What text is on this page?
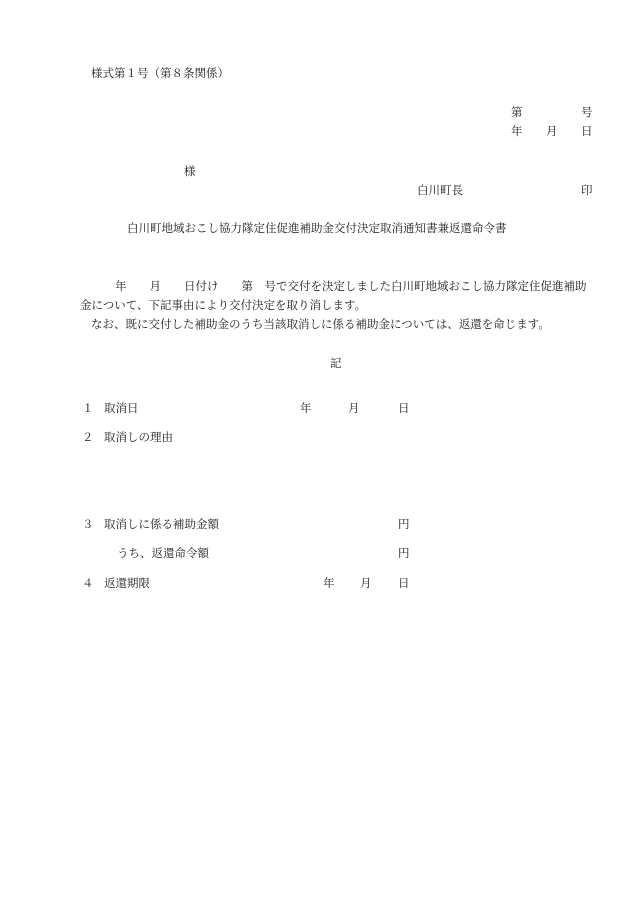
様式第１号（第８条関係）
第	号
年 月 日
様
白川町長	印
白川町地域おこし協力隊定住促進補助金交付決定取消通知書兼返還命令書
年　　月　　日付け　　第　号で交付を決定しました白川町地域おこし協力隊定住促進補助
金について、下記事由により交付決定を取り消します。
なお、既に交付した補助金のうち当該取消しに係る補助金については、返還を命じます。
記
１ 取消日	年	月	日
２ 取消しの理由
３ 取消しに係る補助金額	円
うち、返還命令額	円
４ 返還期限	年 月 日
